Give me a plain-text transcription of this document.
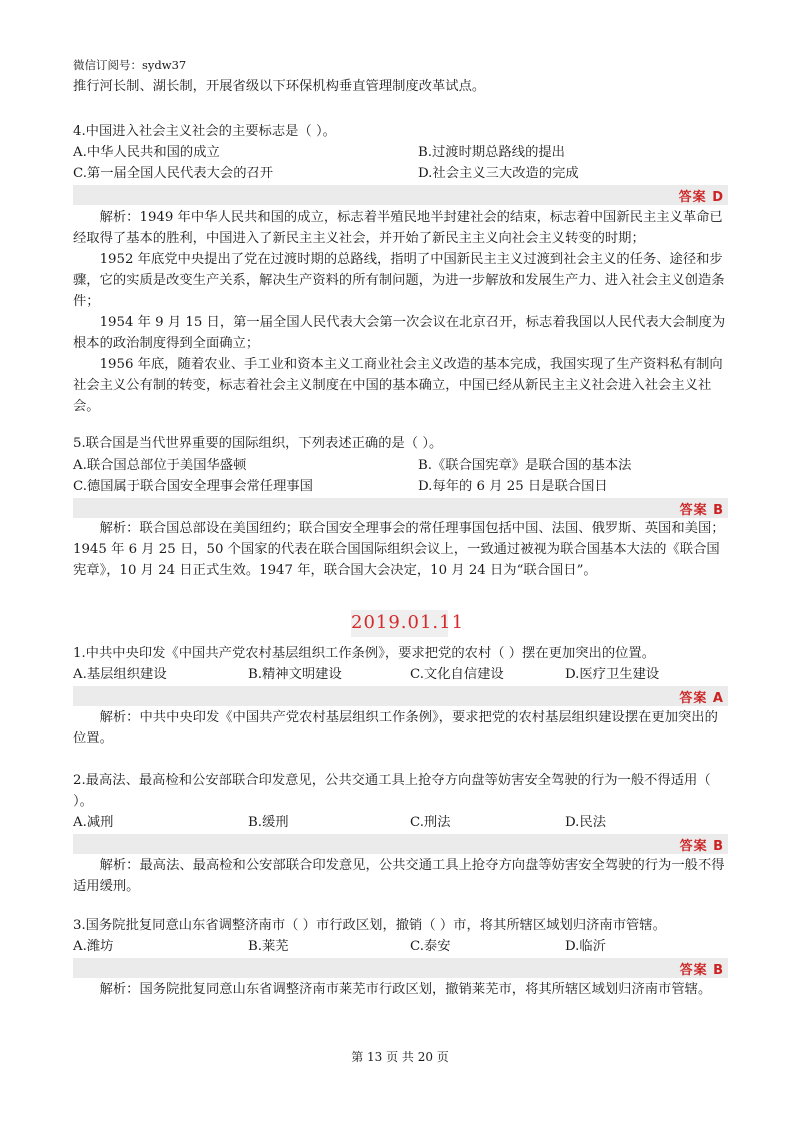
微信订阅号：sydw37

推行河长制、湖长制，开展省级以下环保机构垂直管理制度改革试点。

4.中国进入社会主义社会的主要标志是（ ）。

A.中华人民共和国的成立	B.过渡时期总路线的提出
C.第一届全国人民代表大会的召开	D.社会主义三大改造的完成
答案 D

解析：1949 年中华人民共和国的成立，标志着半殖民地半封建社会的结束，标志着中国新民主主义革命已经取得了基本的胜利，中国进入了新民主主义社会，并开始了新民主主义向社会主义转变的时期；

1952 年底党中央提出了党在过渡时期的总路线，指明了中国新民主主义过渡到社会主义的任务、途径和步骤，它的实质是改变生产关系，解决生产资料的所有制问题，为进一步解放和发展生产力、进入社会主义创造条件；

1954 年 9 月 15 日，第一届全国人民代表大会第一次会议在北京召开，标志着我国以人民代表大会制度为根本的政治制度得到全面确立；

1956 年底，随着农业、手工业和资本主义工商业社会主义改造的基本完成，我国实现了生产资料私有制向社会主义公有制的转变，标志着社会主义制度在中国的基本确立，中国已经从新民主主义社会进入社会主义社会。

5.联合国是当代世界重要的国际组织，下列表述正确的是（ ）。

A.联合国总部位于美国华盛顿	B.《联合国宪章》是联合国的基本法
C.德国属于联合国安全理事会常任理事国	D.每年的 6 月 25 日是联合国日
答案 B

解析：联合国总部设在美国纽约；联合国安全理事会的常任理事国包括中国、法国、俄罗斯、英国和美国；1945 年 6 月 25 日，50 个国家的代表在联合国国际组织会议上，一致通过被视为联合国基本大法的《联合国宪章》，10 月 24 日正式生效。1947 年，联合国大会决定，10 月 24 日为“联合国日”。

2019.01.11

1.中共中央印发《中国共产党农村基层组织工作条例》，要求把党的农村（ ）摆在更加突出的位置。

A.基层组织建设	B.精神文明建设	C.文化自信建设	D.医疗卫生建设
答案 A

解析：中共中央印发《中国共产党农村基层组织工作条例》，要求把党的农村基层组织建设摆在更加突出的位置。

2.最高法、最高检和公安部联合印发意见，公共交通工具上抢夺方向盘等妨害安全驾驶的行为一般不得适用（ ）。

A.减刑	B.缓刑	C.刑法	D.民法
答案 B

解析：最高法、最高检和公安部联合印发意见，公共交通工具上抢夺方向盘等妨害安全驾驶的行为一般不得适用缓刑。

3.国务院批复同意山东省调整济南市（ ）市行政区划，撤销（ ）市，将其所辖区域划归济南市管辖。

A.潍坊	B.莱芜	C.泰安	D.临沂
答案 B

解析：国务院批复同意山东省调整济南市莱芜市行政区划，撤销莱芜市，将其所辖区域划归济南市管辖。

第 13 页 共 20 页
